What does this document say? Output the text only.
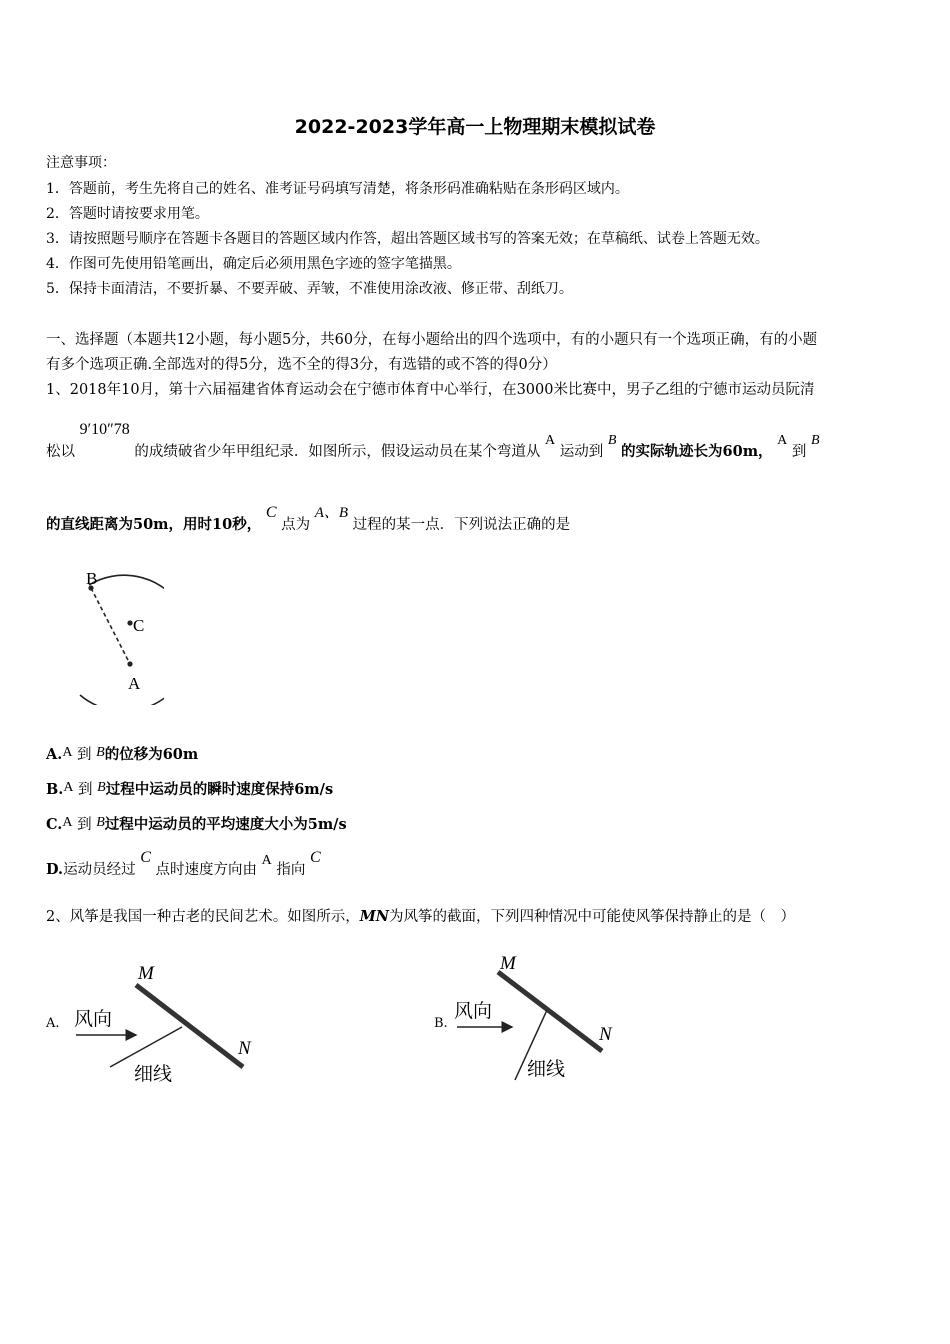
2022-2023学年高一上物理期末模拟试卷
注意事项：
1．答题前，考生先将自己的姓名、准考证号码填写清楚，将条形码准确粘贴在条形码区域内。
2．答题时请按要求用笔。
3．请按照题号顺序在答题卡各题目的答题区域内作答，超出答题区域书写的答案无效；在草稿纸、试卷上答题无效。
4．作图可先使用铅笔画出，确定后必须用黑色字迹的签字笔描黑。
5．保持卡面清洁，不要折暴、不要弄破、弄皱，不准使用涂改液、修正带、刮纸刀。
一、选择题（本题共12小题，每小题5分，共60分，在每小题给出的四个选项中，有的小题只有一个选项正确，有的小题
有多个选项正确.全部选对的得5分，选不全的得3分，有选错的或不答的得0分）
1、2018年10月，第十六届福建省体育运动会在宁德市体育中心举行，在3000米比赛中，男子乙组的宁德市运动员阮清
松以 9′10″78 的成绩破省少年甲组纪录．如图所示，假设运动员在某个弯道从 A 运动到 B 的实际轨迹长为60m， A 到 B
的直线距离为50m，用时10秒， C 点为 A、B 过程的某一点．下列说法正确的是
B
C
A
A.A 到 B的位移为60m
B.A 到 B过程中运动员的瞬时速度保持6m/s
C.A 到 B过程中运动员的平均速度大小为5m/s
D.运动员经过 C 点时速度方向由 A 指向 C
2、风筝是我国一种古老的民间艺术。如图所示，MN为风筝的截面，下列四种情况中可能使风筝保持静止的是（　）
A.
M
N
风向
细线
B.
M
N
风向
细线
